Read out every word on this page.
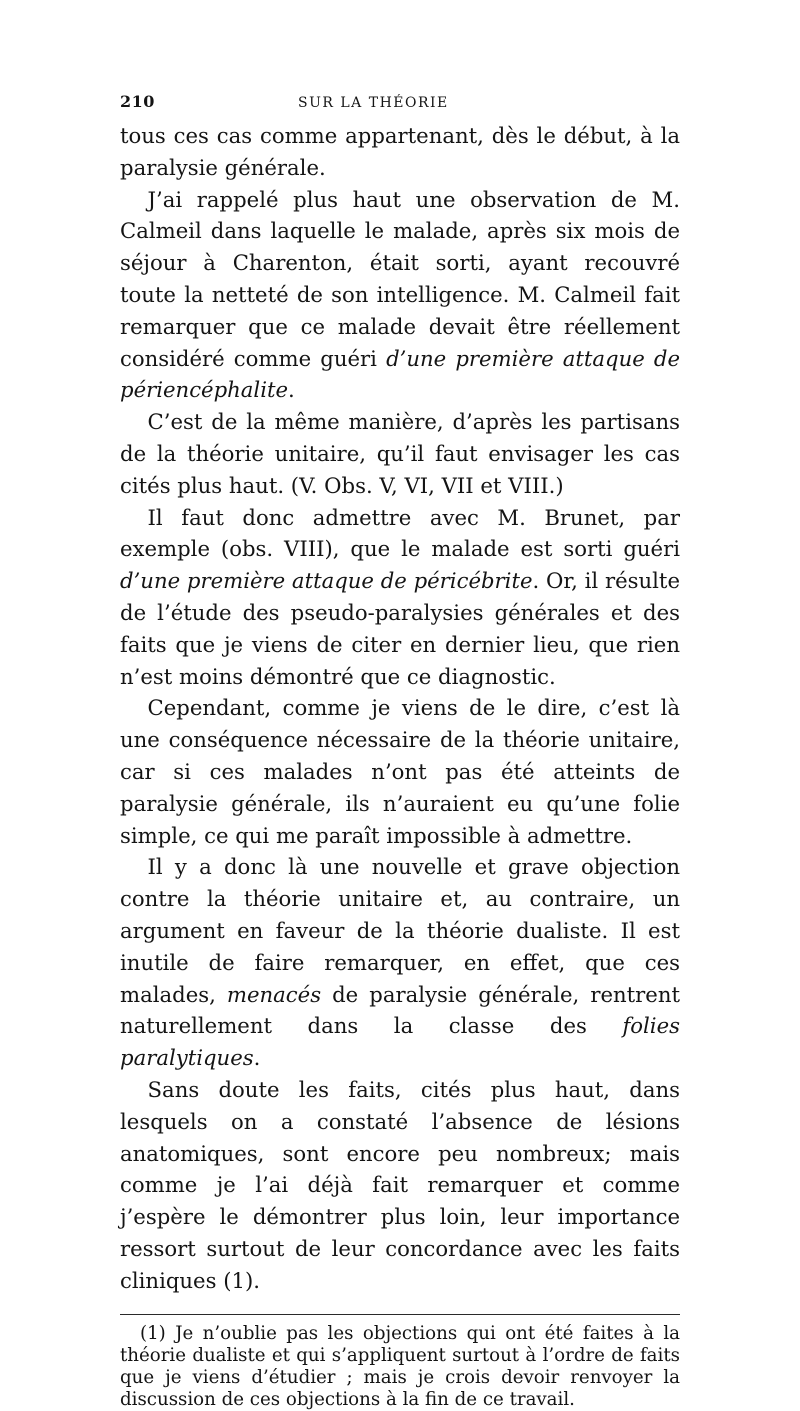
210	SUR LA THÉORIE

tous ces cas comme appartenant, dès le début, à la paralysie générale.

J’ai rappelé plus haut une observation de M. Calmeil dans laquelle le malade, après six mois de séjour à Charenton, était sorti, ayant recouvré toute la netteté de son intelligence. M. Calmeil fait remarquer que ce malade devait être réellement considéré comme guéri d’une première attaque de périencéphalite.

C’est de la même manière, d’après les partisans de la théorie unitaire, qu’il faut envisager les cas cités plus haut. (V. Obs. V, VI, VII et VIII.)

Il faut donc admettre avec M. Brunet, par exemple (obs. VIII), que le malade est sorti guéri d’une première attaque de péricébrite. Or, il résulte de l’étude des pseudo-paralysies générales et des faits que je viens de citer en dernier lieu, que rien n’est moins démontré que ce diagnostic.

Cependant, comme je viens de le dire, c’est là une conséquence nécessaire de la théorie unitaire, car si ces malades n’ont pas été atteints de paralysie générale, ils n’auraient eu qu’une folie simple, ce qui me paraît impossible à admettre.

Il y a donc là une nouvelle et grave objection contre la théorie unitaire et, au contraire, un argument en faveur de la théorie dualiste. Il est inutile de faire remarquer, en effet, que ces malades, menacés de paralysie générale, rentrent naturellement dans la classe des folies paralytiques.

Sans doute les faits, cités plus haut, dans lesquels on a constaté l’absence de lésions anatomiques, sont encore peu nombreux; mais comme je l’ai déjà fait remarquer et comme j’espère le démontrer plus loin, leur importance ressort surtout de leur concordance avec les faits cliniques (1).

(1) Je n’oublie pas les objections qui ont été faites à la théorie dualiste et qui s’appliquent surtout à l’ordre de faits que je viens d’étudier ; mais je crois devoir renvoyer la discussion de ces objections à la fin de ce travail.
